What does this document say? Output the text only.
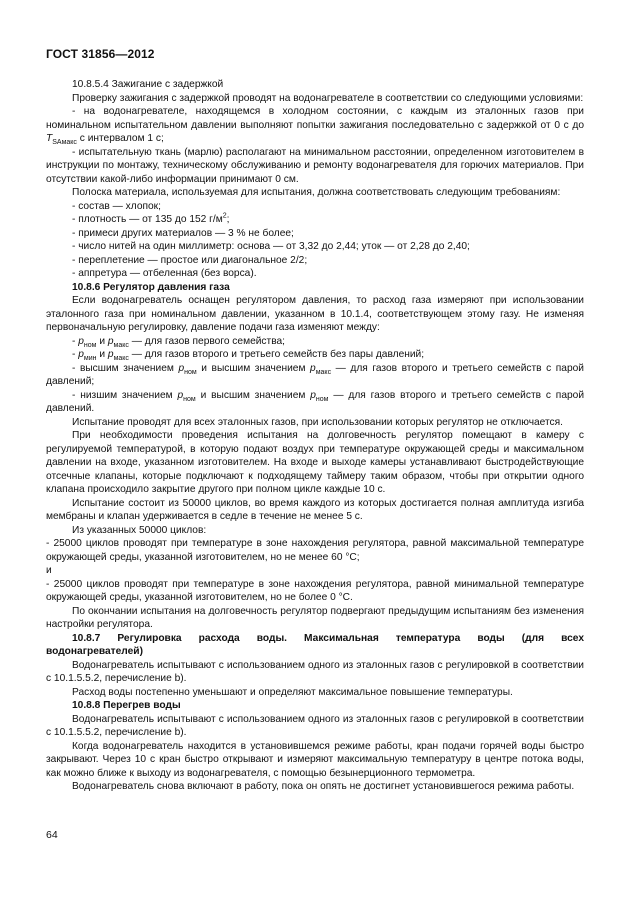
ГОСТ 31856—2012

10.8.5.4 Зажигание с задержкой

Проверку зажигания с задержкой проводят на водонагревателе в соответствии со следующими условиями:

- на водонагревателе, находящемся в холодном состоянии, с каждым из эталонных газов при номинальном испытательном давлении выполняют попытки зажигания последовательно с задержкой от 0 с до $T_{SAмакс}$ с интервалом 1 с;

- испытательную ткань (марлю) располагают на минимальном расстоянии, определенном изготовителем в инструкции по монтажу, техническому обслуживанию и ремонту водонагревателя для горючих материалов. При отсутствии какой-либо информации принимают 0 см.

Полоска материала, используемая для испытания, должна соответствовать следующим требованиям:

- состав — хлопок;

- плотность — от 135 до 152 $г/м^2$;

- примеси других материалов — 3 % не более;

- число нитей на один миллиметр: основа — от 3,32 до 2,44; уток — от 2,28 до 2,40;

- переплетение — простое или диагональное 2/2;

- аппретура — отбеленная (без ворса).

10.8.6 Регулятор давления газа

Если водонагреватель оснащен регулятором давления, то расход газа измеряют при использовании эталонного газа при номинальном давлении, указанном в 10.1.4, соответствующем этому газу. Не изменяя первоначальную регулировку, давление подачи газа изменяют между:

- $p_{ном}$ и $p_{макс}$ — для газов первого семейства;

- $p_{мин}$ и $p_{макс}$ — для газов второго и третьего семейств без пары давлений;

- высшим значением $p_{ном}$ и высшим значением $p_{макс}$ — для газов второго и третьего семейств с парой давлений;

- низшим значением $p_{ном}$ и высшим значением $p_{ном}$ — для газов второго и третьего семейств с парой давлений.

Испытание проводят для всех эталонных газов, при использовании которых регулятор не отключается.

При необходимости проведения испытания на долговечность регулятор помещают в камеру с регулируемой температурой, в которую подают воздух при температуре окружающей среды и максимальном давлении на входе, указанном изготовителем. На входе и выходе камеры устанавливают быстродействующие отсечные клапаны, которые подключают к подходящему таймеру таким образом, чтобы при открытии одного клапана происходило закрытие другого при полном цикле каждые 10 с.

Испытание состоит из 50000 циклов, во время каждого из которых достигается полная амплитуда изгиба мембраны и клапан удерживается в седле в течение не менее 5 с.

Из указанных 50000 циклов:

- 25000 циклов проводят при температуре в зоне нахождения регулятора, равной максимальной температуре окружающей среды, указанной изготовителем, но не менее 60 °С;

и

- 25000 циклов проводят при температуре в зоне нахождения регулятора, равной минимальной температуре окружающей среды, указанной изготовителем, но не более 0 °С.

По окончании испытания на долговечность регулятор подвергают предыдущим испытаниям без изменения настройки регулятора.

10.8.7 Регулировка расхода воды. Максимальная температура воды (для всех

водонагревателей)

Водонагреватель испытывают с использованием одного из эталонных газов с регулировкой в соответствии с 10.1.5.5.2, перечисление b).

Расход воды постепенно уменьшают и определяют максимальное повышение температуры.

10.8.8 Перегрев воды

Водонагреватель испытывают с использованием одного из эталонных газов с регулировкой в соответствии с 10.1.5.5.2, перечисление b).

Когда водонагреватель находится в установившемся режиме работы, кран подачи горячей воды быстро закрывают. Через 10 с кран быстро открывают и измеряют максимальную температуру в центре потока воды, как можно ближе к выходу из водонагревателя, с помощью безынерционного термометра.

Водонагреватель снова включают в работу, пока он опять не достигнет установившегося режима работы.

64
